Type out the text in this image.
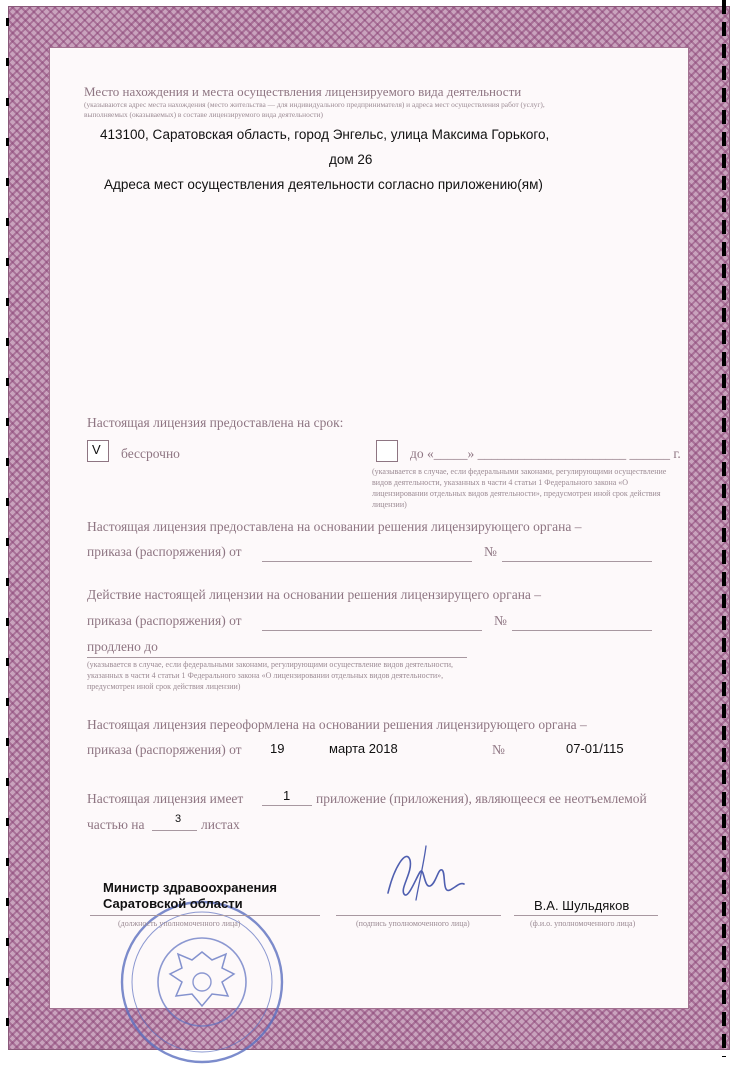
Место нахождения и места осуществления лицензируемого вида деятельности

(указываются адрес места нахождения (место жительства — для индивидуального предпринимателя) и адреса мест осуществления работ (услуг),

выполняемых (оказываемых) в составе лицензируемого вида деятельности)

413100, Саратовская область, город Энгельс, улица Максима Горького,

дом 26

Адреса мест осуществления деятельности согласно приложению(ям)

Настоящая лицензия предоставлена на срок:

V бессрочно	до «_____» ______________________ ______ г.

(указывается в случае, если федеральными законами, регулирующими осуществление видов деятельности, указанных в части 4 статьи 1 Федерального закона «О лицензировании отдельных видов деятельности», предусмотрен иной срок действия лицензии)

Настоящая лицензия предоставлена на основании решения лицензирующего органа –

приказа (распоряжения) от	№

Действие настоящей лицензии на основании решения лицензирущего органа –

приказа (распоряжения) от	№

продлено до

(указывается в случае, если федеральными законами, регулирующими осуществление видов деятельности, указанных в части 4 статьи 1 Федерального закона «О лицензировании отдельных видов деятельности», предусмотрен иной срок действия лицензии)

Настоящая лицензия переоформлена на основании решения лицензирующего органа –

приказа (распоряжения) от 19	марта 2018	№	07-01/115

Настоящая лицензия имеет	1 приложение (приложения), являющееся ее неотъемлемой

частью на	3 листах

Министр здравоохранения

Саратовской области

(должность уполномоченного лица)	(подпись уполномоченного лица)

В.А. Шульдяков

(ф.и.о. уполномоченного лица)
